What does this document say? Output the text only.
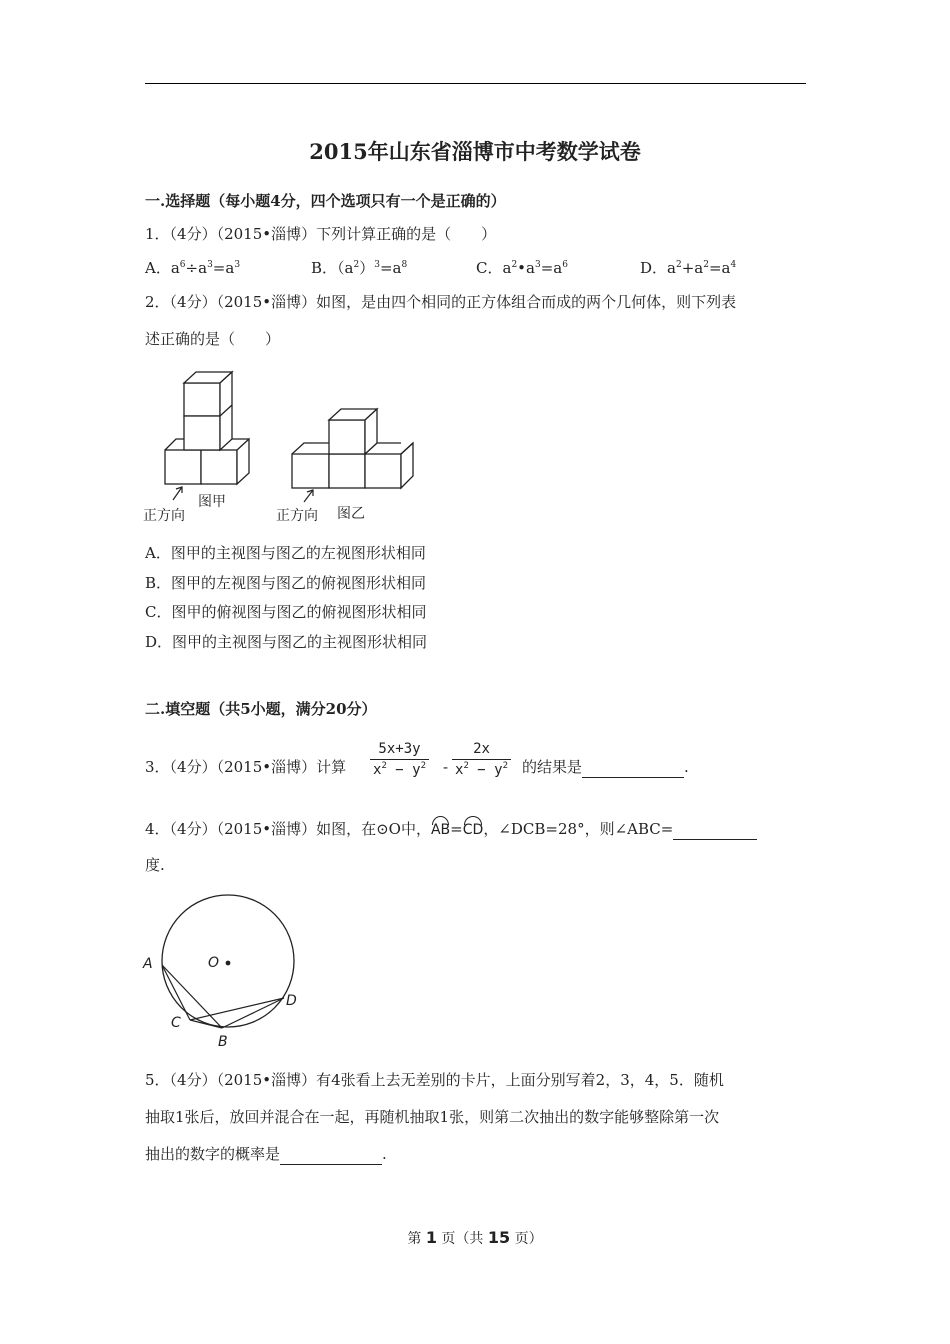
2015年山东省淄博市中考数学试卷
一.选择题（每小题4分，四个选项只有一个是正确的）
1．（4分）（2015•淄博）下列计算正确的是（　　）
A．$a^6\div a^3=a^3$	B．$(a^2)^3=a^8$	C．$a^2•a^3=a^6$	D．$a^2+a^2=a^4$
2．（4分）（2015•淄博）如图，是由四个相同的正方体组合而成的两个几何体，则下列表
述正确的是（　　）
正方向
图甲
正方向 图乙
A．图甲的主视图与图乙的左视图形状相同
B．图甲的左视图与图乙的俯视图形状相同
C．图甲的俯视图与图乙的俯视图形状相同
D．图甲的主视图与图乙的主视图形状相同
二.填空题（共5小题，满分20分）
3．（4分）（2015•淄博）计算
5x+3y
$x^2 - y^2$ -
2x
$x^2 - y^2$ 的结果是	.
4．（4分）（2015•淄博）如图，在⊙O中，AB=CD，∠DCB=28°，则∠ABC=
度.
O
A
C
B
D
5．（4分）（2015•淄博）有4张看上去无差别的卡片，上面分别写着2，3，4，5．随机
抽取1张后，放回并混合在一起，再随机抽取1张，则第二次抽出的数字能够整除第一次
抽出的数字的概率是	.
第 1 页（共 15 页）
